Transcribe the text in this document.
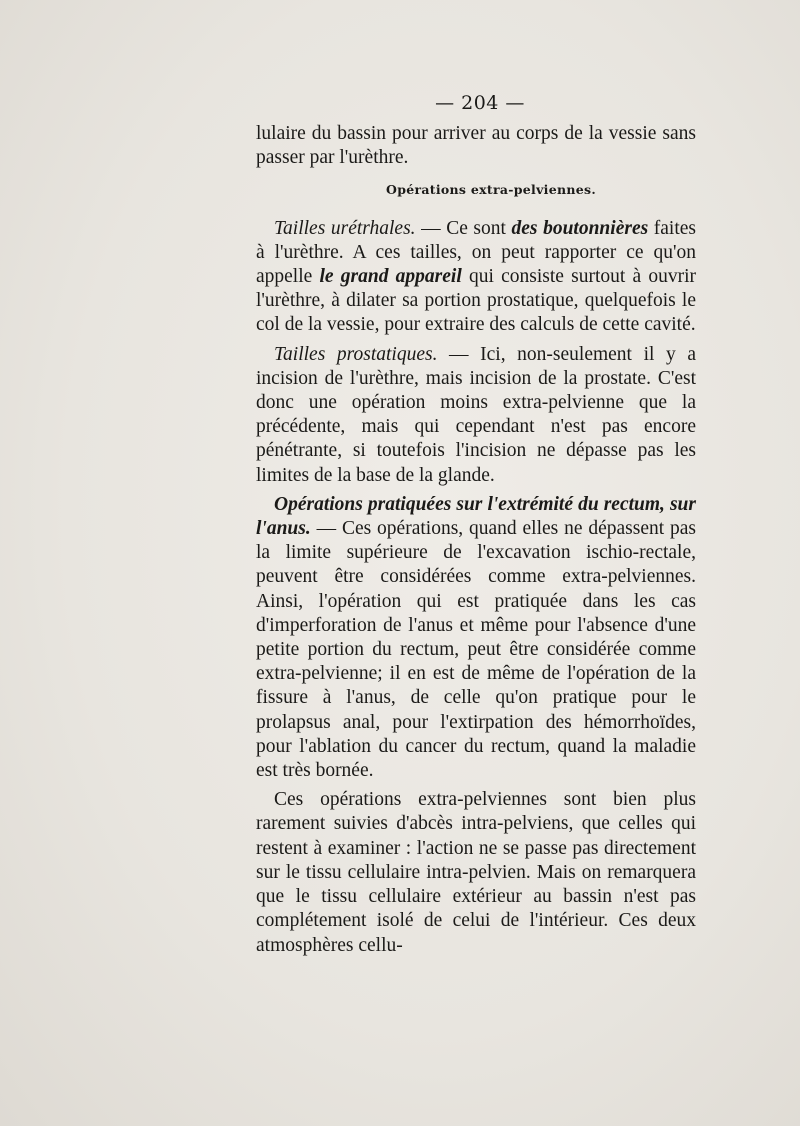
— 204 —

lulaire du bassin pour arriver au corps de la vessie sans passer par l'urèthre.

Opérations extra-pelviennes.

Tailles urétrhales. — Ce sont des boutonnières faites à l'urèthre. A ces tailles, on peut rapporter ce qu'on appelle le grand appareil qui consiste surtout à ouvrir l'urèthre, à dilater sa portion prostatique, quelquefois le col de la vessie, pour extraire des calculs de cette cavité.

Tailles prostatiques. — Ici, non-seulement il y a incision de l'urèthre, mais incision de la prostate. C'est donc une opération moins extra-pelvienne que la précédente, mais qui cependant n'est pas encore pénétrante, si toutefois l'incision ne dépasse pas les limites de la base de la glande.

Opérations pratiquées sur l'extrémité du rectum, sur l'anus. — Ces opérations, quand elles ne dépassent pas la limite supérieure de l'excavation ischio-rectale, peuvent être considérées comme extra-pelviennes. Ainsi, l'opération qui est pratiquée dans les cas d'imperforation de l'anus et même pour l'absence d'une petite portion du rectum, peut être considérée comme extra-pelvienne; il en est de même de l'opération de la fissure à l'anus, de celle qu'on pratique pour le prolapsus anal, pour l'extirpation des hémorrhoïdes, pour l'ablation du cancer du rectum, quand la maladie est très bornée.

Ces opérations extra-pelviennes sont bien plus rarement suivies d'abcès intra-pelviens, que celles qui restent à examiner : l'action ne se passe pas directement sur le tissu cellulaire intra-pelvien. Mais on remarquera que le tissu cellulaire extérieur au bassin n'est pas complétement isolé de celui de l'intérieur. Ces deux atmosphères cellu-
